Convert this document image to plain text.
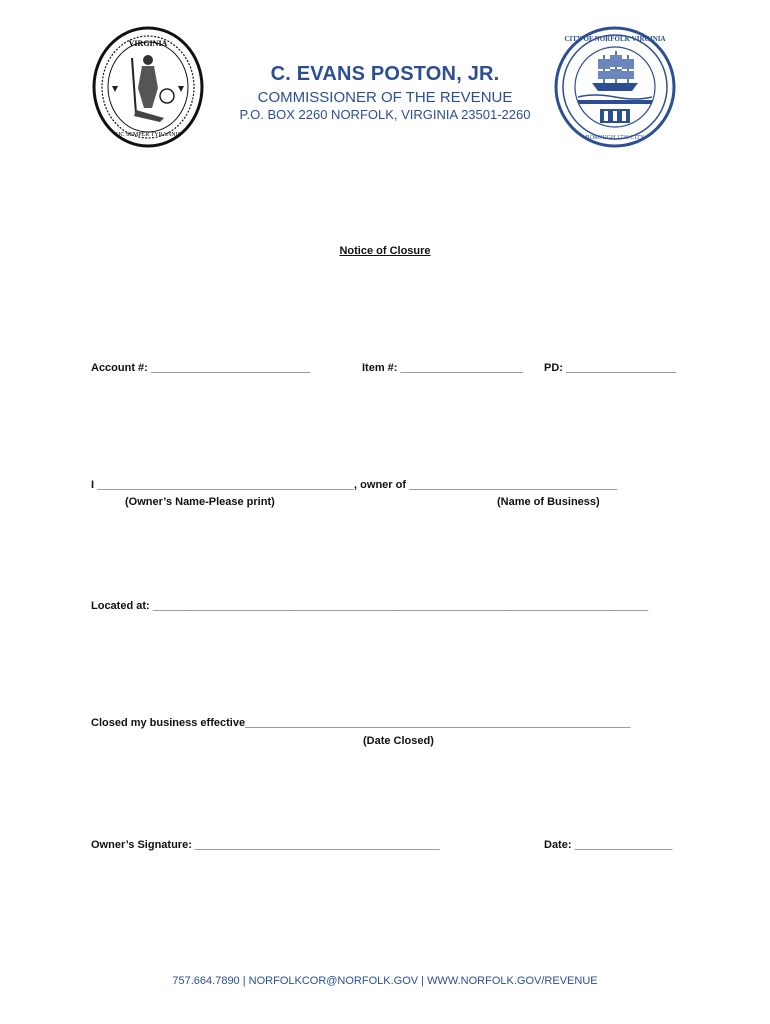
VIRGINIA
SIC SEMPER TYRANNIS
CITY OF NORFOLK VIRGINIA
BOROUGH 1736 CITY
C. EVANS POSTON, JR.
COMMISSIONER OF THE REVENUE
P.O. BOX 2260 NORFOLK, VIRGINIA 23501-2260
Notice of Closure
Account #: __________________________	Item #: ____________________ PD: __________________
I __________________________________________, owner of __________________________________
(Owner’s Name-Please print)	(Name of Business)
Located at: _________________________________________________________________________________
Closed my business effective_______________________________________________________________
(Date Closed)
Owner’s Signature: ________________________________________	Date: ________________
757.664.7890 | NORFOLKCOR@NORFOLK.GOV | WWW.NORFOLK.GOV/REVENUE
